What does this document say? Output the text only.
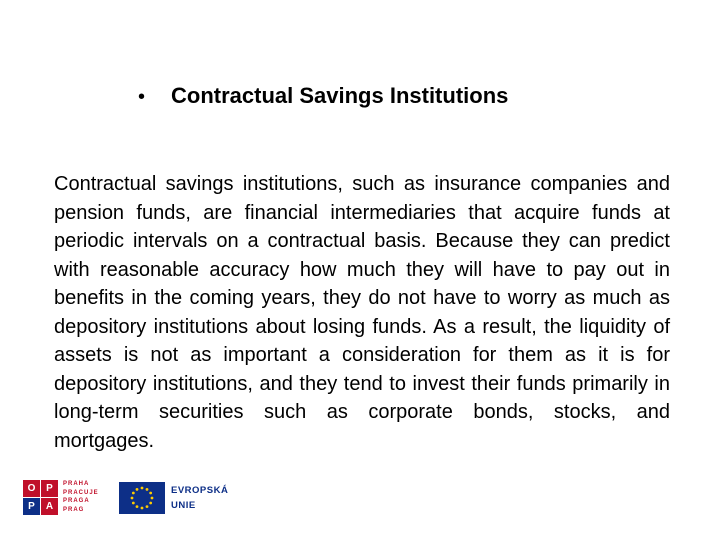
• Contractual Savings Institutions
Contractual savings institutions, such as insurance companies and pension funds, are financial intermediaries that acquire funds at periodic intervals on a contractual basis. Because they can predict with reasonable accuracy how much they will have to pay out in benefits in the coming years, they do not have to worry as much as depository institutions about losing funds. As a result, the liquidity of assets is not as important a consideration for them as it is for depository institutions, and they tend to invest their funds primarily in long-term securities such as corporate bonds, stocks, and mortgages.
O	P
P	A
PRAHA
PRACUJE
PRAGA
PRAG
EVROPSKÁ
UNIE
